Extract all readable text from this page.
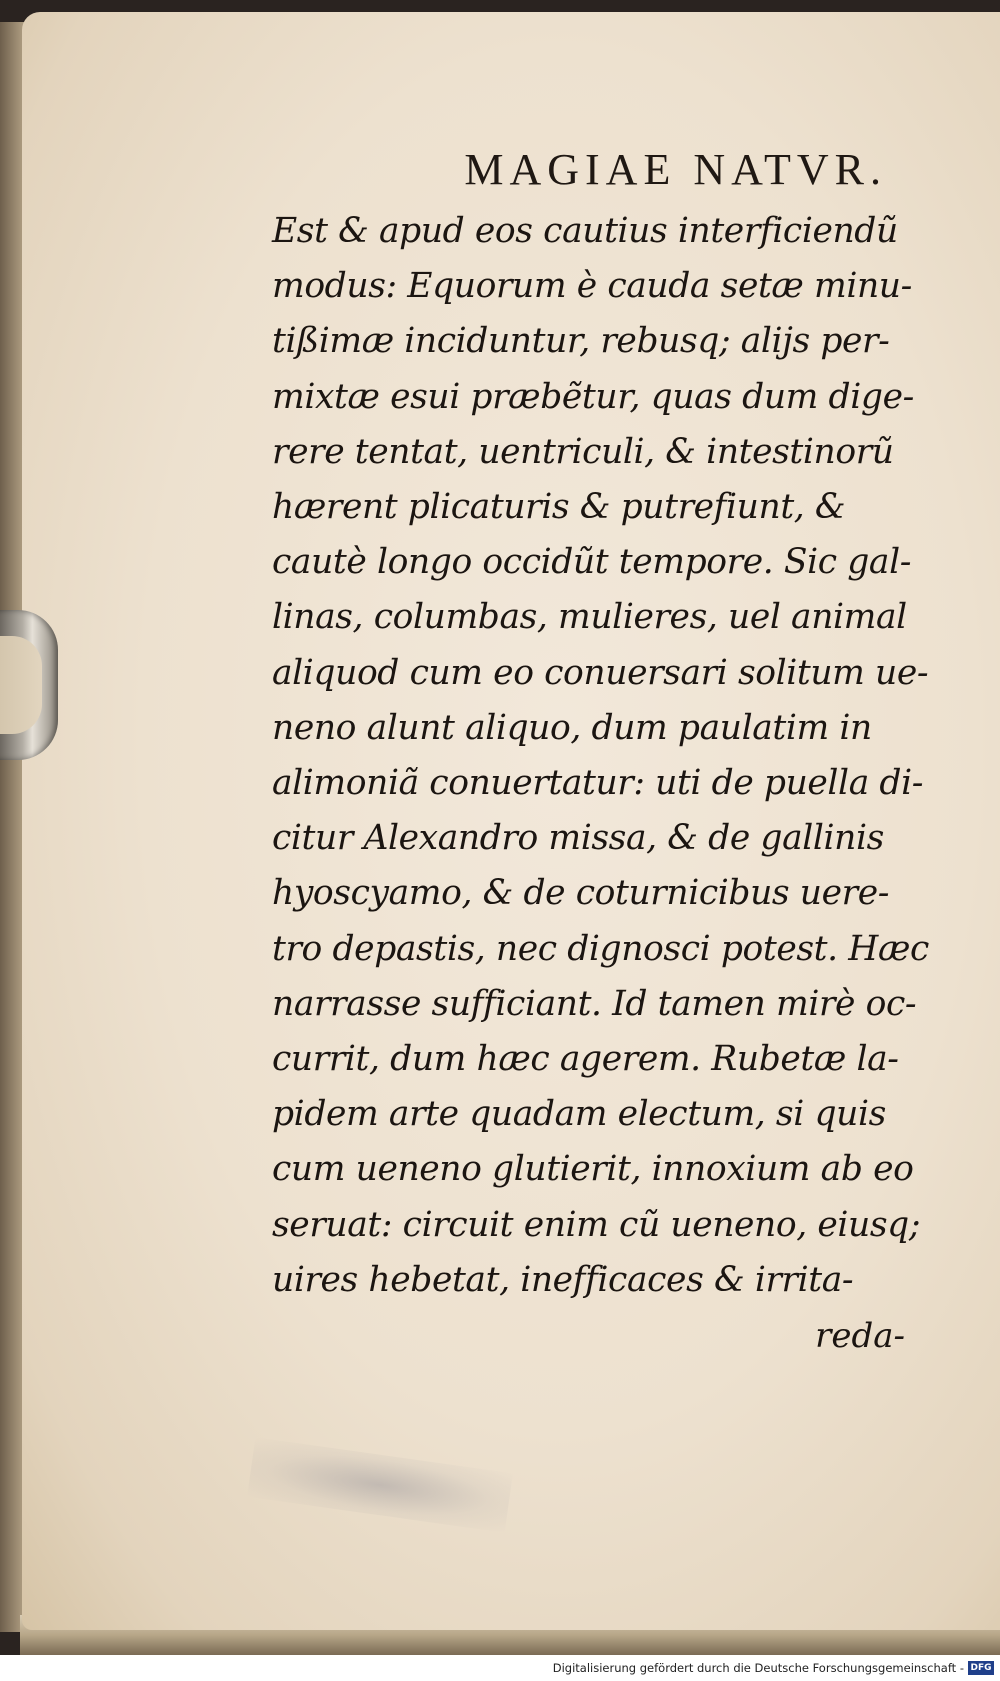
MAGIAE NATVR.
Est & apud eos cautius interficiendũ
modus: Equorum è cauda setæ minu-
tißimæ inciduntur, rebusq; alijs per-
mixtæ esui præbẽtur, quas dum dige-
rere tentat, uentriculi, & intestinorũ
hærent plicaturis & putrefiunt, &
cautè longo occidũt tempore. Sic gal-
linas, columbas, mulieres, uel animal
aliquod cum eo conuersari solitum ue-
neno alunt aliquo, dum paulatim in
alimoniã conuertatur: uti de puella di-
citur Alexandro missa, & de gallinis
hyoscyamo, & de coturnicibus uere-
tro depastis, nec dignosci potest. Hæc
narrasse sufficiant. Id tamen mirè oc-
currit, dum hæc agerem. Rubetæ la-
pidem arte quadam electum, si quis
cum ueneno glutierit, innoxium ab eo
seruat: circuit enim cũ ueneno, eiusq;
uires hebetat, inefficaces & irrita-
reda-
Digitalisierung gefördert durch die Deutsche Forschungsgemeinschaft - DFG
